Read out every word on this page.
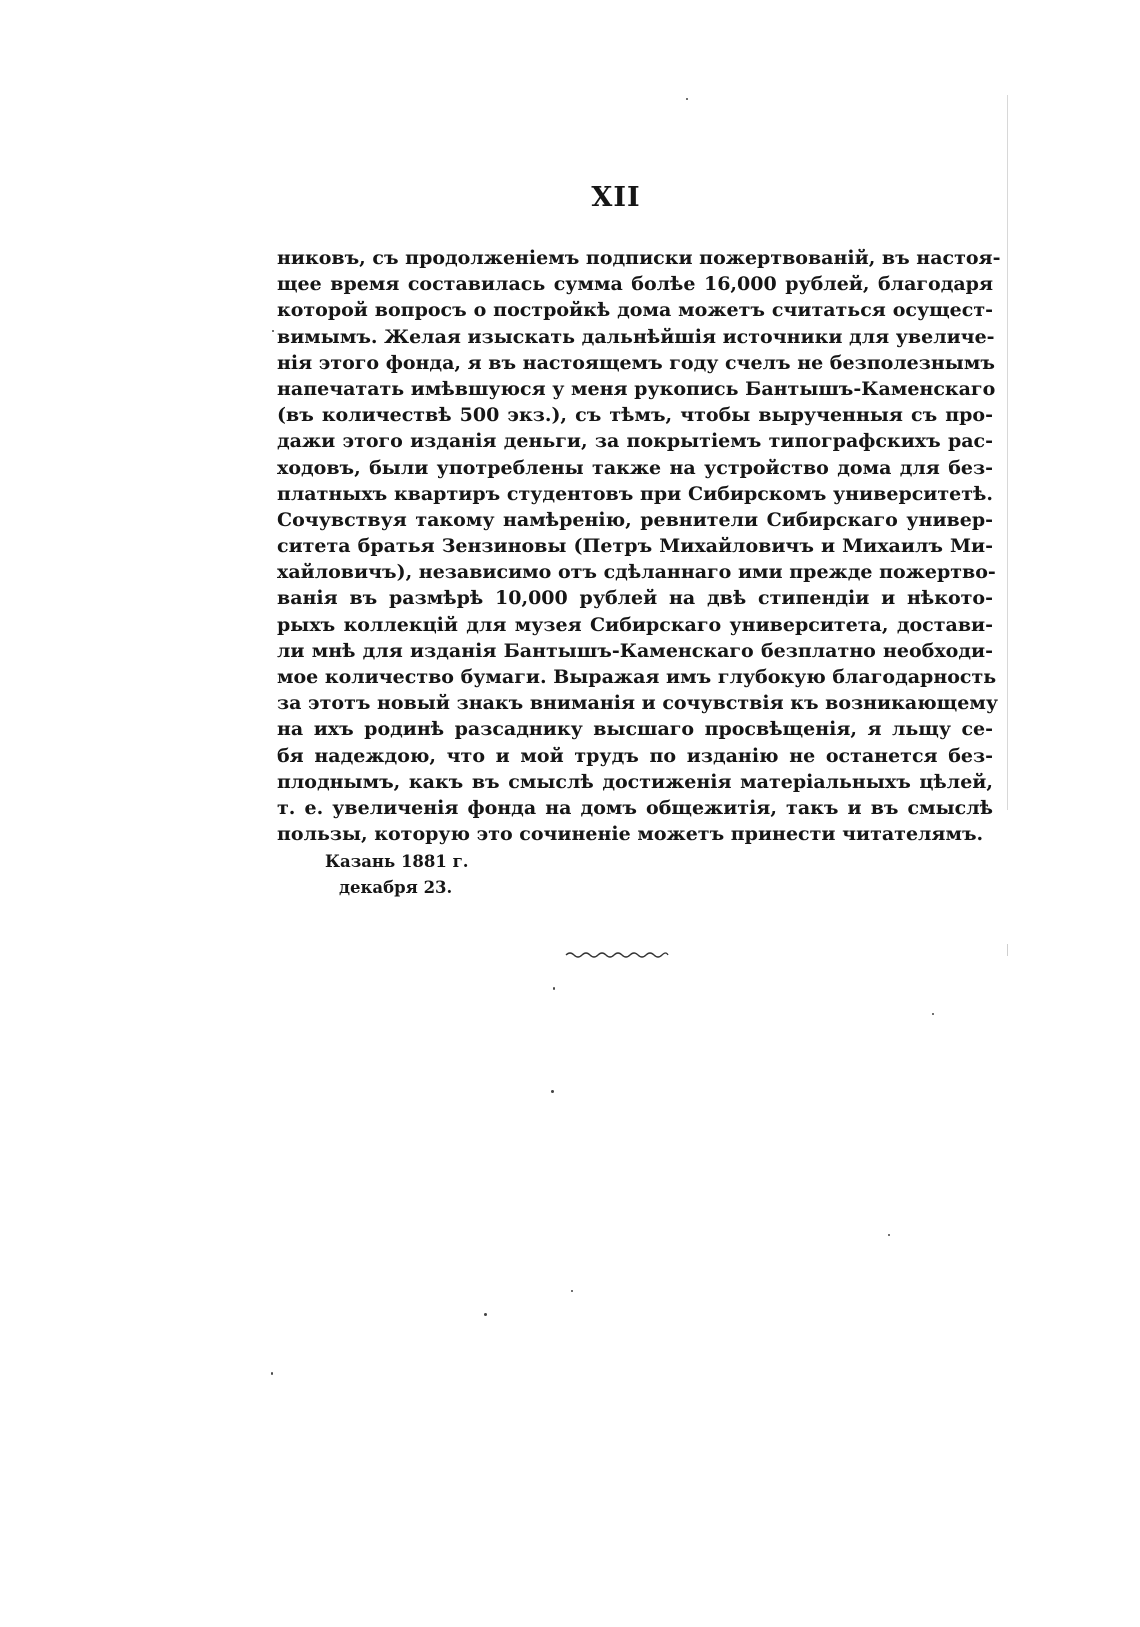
XII
никовъ, съ продолженіемъ подписки пожертвованій, въ настоя-
щее время составилась сумма болѣе 16,000 рублей, благодаря
которой вопросъ о постройкѣ дома можетъ считаться осущест-
вимымъ. Желая изыскать дальнѣйшія источники для увеличе-
нія этого фонда, я въ настоящемъ году счелъ не безполезнымъ
напечатать имѣвшуюся у меня рукопись Бантышъ-Каменскаго
(въ количествѣ 500 экз.), съ тѣмъ, чтобы вырученныя съ про-
дажи этого изданія деньги, за покрытіемъ типографскихъ рас-
ходовъ, были употреблены также на устройство дома для без-
платныхъ квартиръ студентовъ при Сибирскомъ университетѣ.
Сочувствуя такому намѣренію, ревнители Сибирскаго универ-
ситета братья Зензиновы (Петръ Михайловичъ и Михаилъ Ми-
хайловичъ), независимо отъ сдѣланнаго ими прежде пожертво-
ванія въ размѣрѣ 10,000 рублей на двѣ стипендіи и нѣкото-
рыхъ коллекцій для музея Сибирскаго университета, достави-
ли мнѣ для изданія Бантышъ-Каменскаго безплатно необходи-
мое количество бумаги. Выражая имъ глубокую благодарность
за этотъ новый знакъ вниманія и сочувствія къ возникающему
на ихъ родинѣ разсаднику высшаго просвѣщенія, я льщу се-
бя надеждою, что и мой трудъ по изданію не останется без-
плоднымъ, какъ въ смыслѣ достиженія матеріальныхъ цѣлей,
т. е. увеличенія фонда на домъ общежитія, такъ и въ смыслѣ
пользы, которую это сочиненіе можетъ принести читателямъ.
Казань 1881 г.
декабря 23.
